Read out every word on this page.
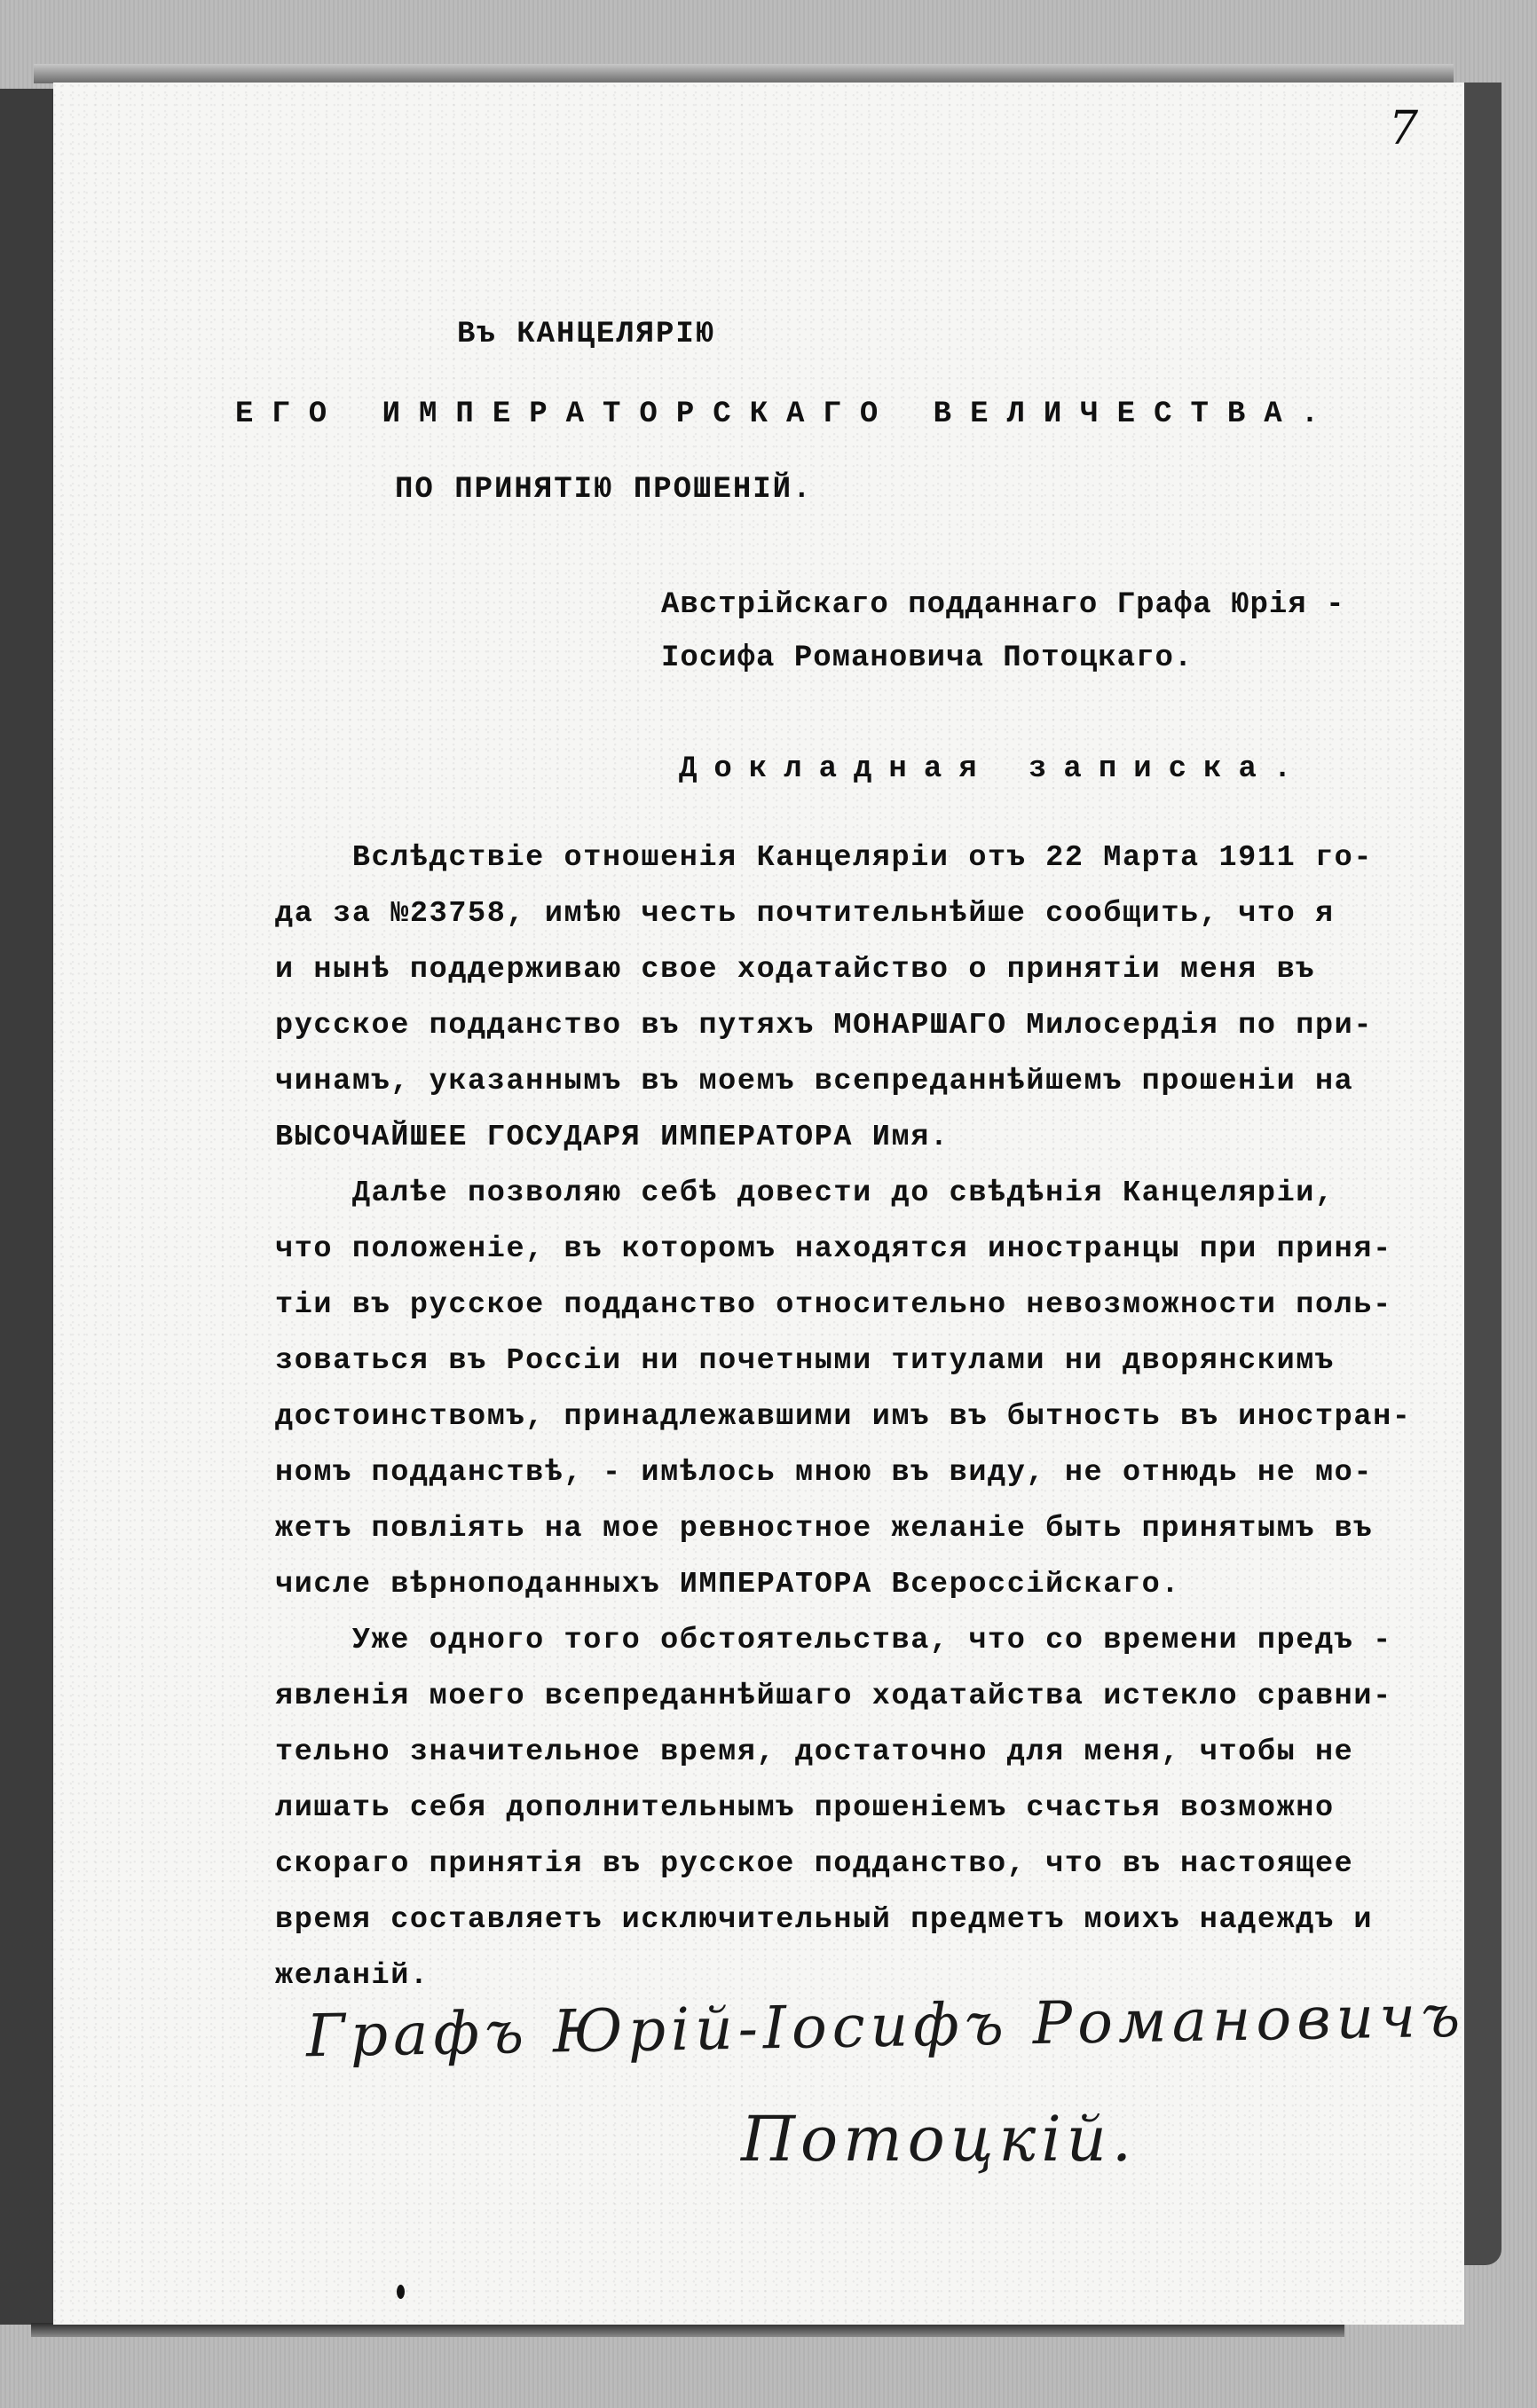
7
Въ КАНЦЕЛЯРІЮ
ЕГО ИМПЕРАТОРСКАГО ВЕЛИЧЕСТВА.
ПО ПРИНЯТІЮ ПРОШЕНІЙ.
Австрійскаго подданнаго Графа Юрія -
Іосифа Романовича Потоцкаго.
Докладная записка.
Вслѣдствіе отношенія Канцеляріи отъ 22 Марта 1911 го-
да за №23758, имѣю честь почтительнѣйше сообщить, что я
и нынѣ поддерживаю свое ходатайство о принятіи меня въ
русское подданство въ путяхъ МОНАРШАГО Милосердія по при-
чинамъ, указаннымъ въ моемъ всепреданнѣйшемъ прошеніи на
ВЫСОЧАЙШЕЕ ГОСУДАРЯ ИМПЕРАТОРА Имя.
Далѣе позволяю себѣ довести до свѣдѣнія Канцеляріи,
что положеніе, въ которомъ находятся иностранцы при приня-
тіи въ русское подданство относительно невозможности поль-
зоваться въ Россіи ни почетными титулами ни дворянскимъ
достоинствомъ, принадлежавшими имъ въ бытность въ иностран-
номъ подданствѣ, - имѣлось мною въ виду, не отнюдь не мо-
жетъ повліять на мое ревностное желаніе быть принятымъ въ
числе вѣрноподанныхъ ИМПЕРАТОРА Всероссійскаго.
Уже одного того обстоятельства, что со времени предъ -
явленія моего всепреданнѣйшаго ходатайства истекло сравни-
тельно значительное время, достаточно для меня, чтобы не
лишать себя дополнительнымъ прошеніемъ счастья возможно
скораго принятія въ русское подданство, что въ настоящее
время составляетъ исключительный предметъ моихъ надеждъ и
желаній.
Графъ Юрій-Іосифъ Романовичъ
Потоцкій.
